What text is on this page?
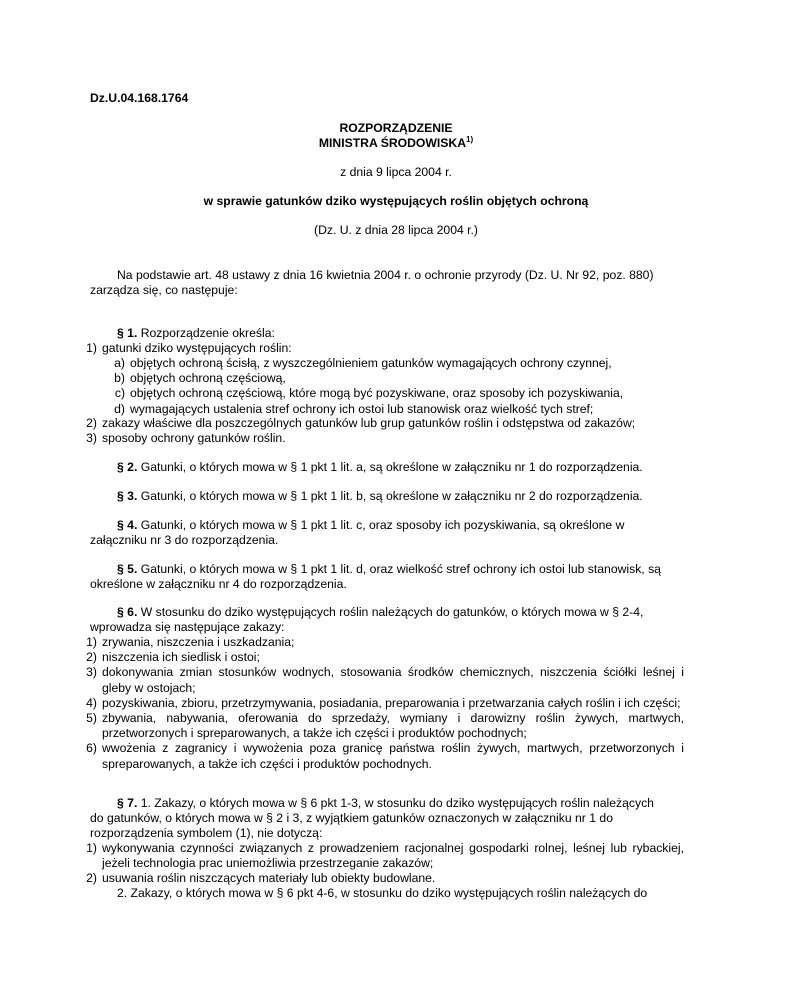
Dz.U.04.168.1764
ROZPORZĄDZENIE
MINISTRA ŚRODOWISKA$^{1)}$
z dnia 9 lipca 2004 r.
w sprawie gatunków dziko występujących roślin objętych ochroną
(Dz. U. z dnia 28 lipca 2004 r.)
Na podstawie art. 48 ustawy z dnia 16 kwietnia 2004 r. o ochronie przyrody (Dz. U. Nr 92, poz. 880)
zarządza się, co następuje:
§ 1. Rozporządzenie określa:
1) gatunki dziko występujących roślin:
a) objętych ochroną ścisłą, z wyszczególnieniem gatunków wymagających ochrony czynnej,
b) objętych ochroną częściową,
c) objętych ochroną częściową, które mogą być pozyskiwane, oraz sposoby ich pozyskiwania,
d) wymagających ustalenia stref ochrony ich ostoi lub stanowisk oraz wielkość tych stref;
2) zakazy właściwe dla poszczególnych gatunków lub grup gatunków roślin i odstępstwa od zakazów;
3) sposoby ochrony gatunków roślin.
§ 2. Gatunki, o których mowa w § 1 pkt 1 lit. a, są określone w załączniku nr 1 do rozporządzenia.
§ 3. Gatunki, o których mowa w § 1 pkt 1 lit. b, są określone w załączniku nr 2 do rozporządzenia.
§ 4. Gatunki, o których mowa w § 1 pkt 1 lit. c, oraz sposoby ich pozyskiwania, są określone w
załączniku nr 3 do rozporządzenia.
§ 5. Gatunki, o których mowa w § 1 pkt 1 lit. d, oraz wielkość stref ochrony ich ostoi lub stanowisk, są
określone w załączniku nr 4 do rozporządzenia.
§ 6. W stosunku do dziko występujących roślin należących do gatunków, o których mowa w § 2-4,
wprowadza się następujące zakazy:
1) zrywania, niszczenia i uszkadzania;
2) niszczenia ich siedlisk i ostoi;
3) dokonywania zmian stosunków wodnych, stosowania środków chemicznych, niszczenia ściółki leśnej i gleby w ostojach;
4) pozyskiwania, zbioru, przetrzymywania, posiadania, preparowania i przetwarzania całych roślin i ich części;
5) zbywania, nabywania, oferowania do sprzedaży, wymiany i darowizny roślin żywych, martwych, przetworzonych i spreparowanych, a także ich części i produktów pochodnych;
6) wwożenia z zagranicy i wywożenia poza granicę państwa roślin żywych, martwych, przetworzonych i spreparowanych, a także ich części i produktów pochodnych.
§ 7. 1. Zakazy, o których mowa w § 6 pkt 1-3, w stosunku do dziko występujących roślin należących
do gatunków, o których mowa w § 2 i 3, z wyjątkiem gatunków oznaczonych w załączniku nr 1 do
rozporządzenia symbolem (1), nie dotyczą:
1) wykonywania czynności związanych z prowadzeniem racjonalnej gospodarki rolnej, leśnej lub rybackiej, jeżeli technologia prac uniemożliwia przestrzeganie zakazów;
2) usuwania roślin niszczących materiały lub obiekty budowlane.
2. Zakazy, o których mowa w § 6 pkt 4-6, w stosunku do dziko występujących roślin należących do
